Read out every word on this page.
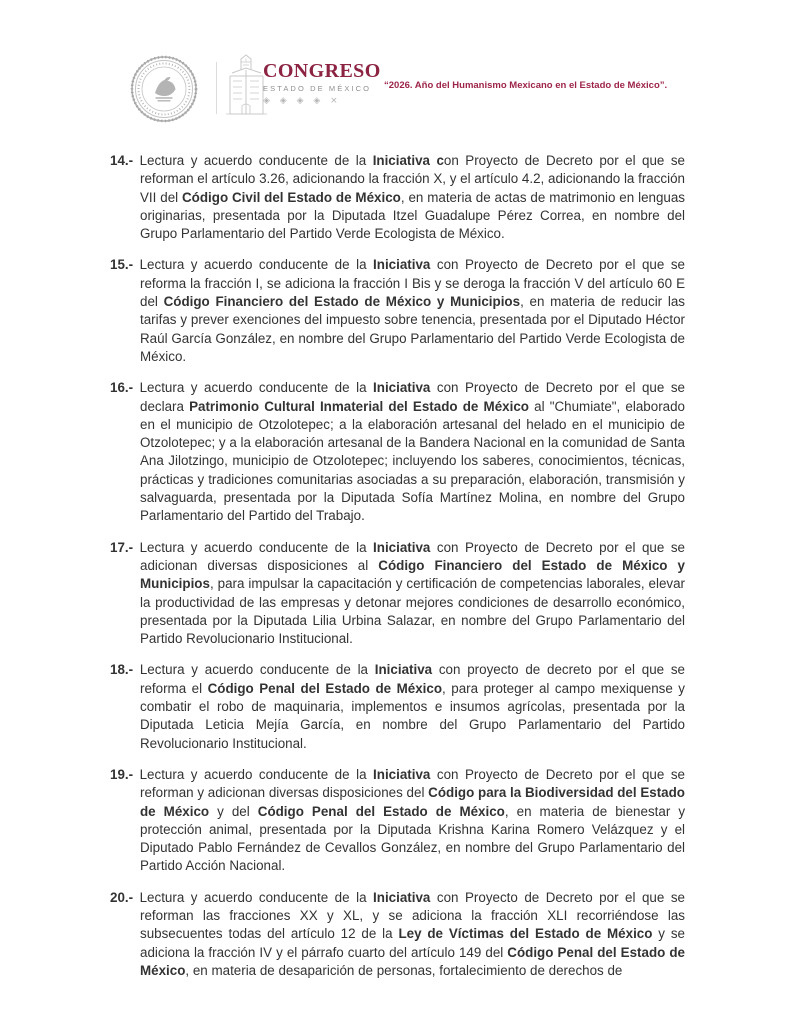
CONGRESO
ESTADO DE MÉXICO
◈ ◈ ◈ ◈ ×
“2026. Año del Humanismo Mexicano en el Estado de México”.

14.- Lectura y acuerdo conducente de la Iniciativa con Proyecto de Decreto por el que se reforman el artículo 3.26, adicionando la fracción X, y el artículo 4.2, adicionando la fracción VII del Código Civil del Estado de México, en materia de actas de matrimonio en lenguas originarias, presentada por la Diputada Itzel Guadalupe Pérez Correa, en nombre del Grupo Parlamentario del Partido Verde Ecologista de México.

15.- Lectura y acuerdo conducente de la Iniciativa con Proyecto de Decreto por el que se reforma la fracción I, se adiciona la fracción I Bis y se deroga la fracción V del artículo 60 E del Código Financiero del Estado de México y Municipios, en materia de reducir las tarifas y prever exenciones del impuesto sobre tenencia, presentada por el Diputado Héctor Raúl García González, en nombre del Grupo Parlamentario del Partido Verde Ecologista de México.

16.- Lectura y acuerdo conducente de la Iniciativa con Proyecto de Decreto por el que se declara Patrimonio Cultural Inmaterial del Estado de México al "Chumiate", elaborado en el municipio de Otzolotepec; a la elaboración artesanal del helado en el municipio de Otzolotepec; y a la elaboración artesanal de la Bandera Nacional en la comunidad de Santa Ana Jilotzingo, municipio de Otzolotepec; incluyendo los saberes, conocimientos, técnicas, prácticas y tradiciones comunitarias asociadas a su preparación, elaboración, transmisión y salvaguarda, presentada por la Diputada Sofía Martínez Molina, en nombre del Grupo Parlamentario del Partido del Trabajo.

17.- Lectura y acuerdo conducente de la Iniciativa con Proyecto de Decreto por el que se adicionan diversas disposiciones al Código Financiero del Estado de México y Municipios, para impulsar la capacitación y certificación de competencias laborales, elevar la productividad de las empresas y detonar mejores condiciones de desarrollo económico, presentada por la Diputada Lilia Urbina Salazar, en nombre del Grupo Parlamentario del Partido Revolucionario Institucional.

18.- Lectura y acuerdo conducente de la Iniciativa con proyecto de decreto por el que se reforma el Código Penal del Estado de México, para proteger al campo mexiquense y combatir el robo de maquinaria, implementos e insumos agrícolas, presentada por la Diputada Leticia Mejía García, en nombre del Grupo Parlamentario del Partido Revolucionario Institucional.

19.- Lectura y acuerdo conducente de la Iniciativa con Proyecto de Decreto por el que se reforman y adicionan diversas disposiciones del Código para la Biodiversidad del Estado de México y del Código Penal del Estado de México, en materia de bienestar y protección animal, presentada por la Diputada Krishna Karina Romero Velázquez y el Diputado Pablo Fernández de Cevallos González, en nombre del Grupo Parlamentario del Partido Acción Nacional.

20.- Lectura y acuerdo conducente de la Iniciativa con Proyecto de Decreto por el que se reforman las fracciones XX y XL, y se adiciona la fracción XLI recorriéndose las subsecuentes todas del artículo 12 de la Ley de Víctimas del Estado de México y se adiciona la fracción IV y el párrafo cuarto del artículo 149 del Código Penal del Estado de México, en materia de desaparición de personas, fortalecimiento de derechos de
